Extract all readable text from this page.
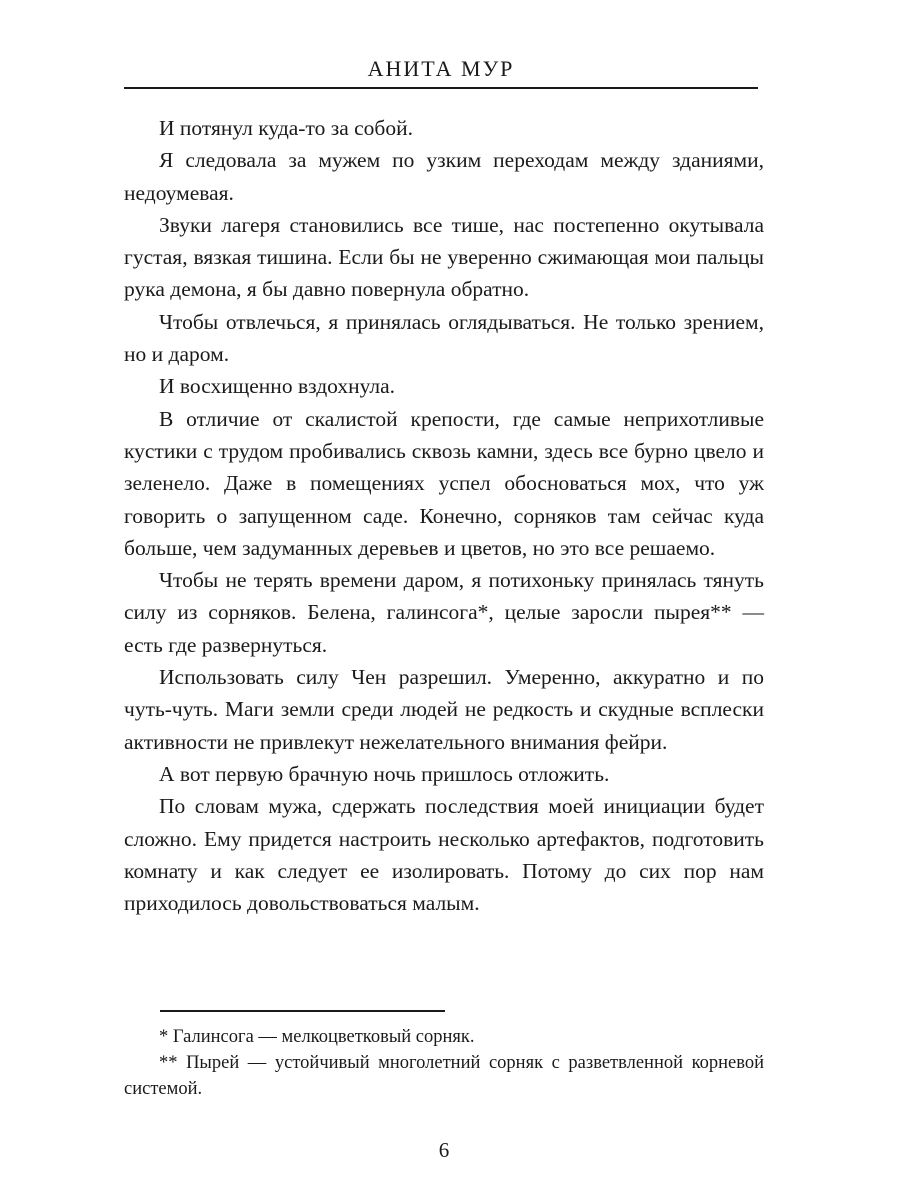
АНИТА МУР

И потянул куда-то за собой.

Я следовала за мужем по узким переходам между зданиями, недоумевая.

Звуки лагеря становились все тише, нас постепенно окутывала густая, вязкая тишина. Если бы не уверенно сжимающая мои пальцы рука демона, я бы давно повернула обратно.

Чтобы отвлечься, я принялась оглядываться. Не только зрением, но и даром.

И восхищенно вздохнула.

В отличие от скалистой крепости, где самые неприхотливые кустики с трудом пробивались сквозь камни, здесь все бурно цвело и зеленело. Даже в помещениях успел обосноваться мох, что уж говорить о запущенном саде. Конечно, сорняков там сейчас куда больше, чем задуманных деревьев и цветов, но это все решаемо.

Чтобы не терять времени даром, я потихоньку принялась тянуть силу из сорняков. Белена, галинсога*, целые заросли пырея** — есть где развернуться.

Использовать силу Чен разрешил. Умеренно, аккуратно и по чуть-чуть. Маги земли среди людей не редкость и скудные всплески активности не привлекут нежелательного внимания фейри.

А вот первую брачную ночь пришлось отложить.

По словам мужа, сдержать последствия моей инициации будет сложно. Ему придется настроить несколько артефактов, подготовить комнату и как следует ее изолировать. Потому до сих пор нам приходилось довольствоваться малым.

* Галинсога — мелкоцветковый сорняк.

** Пырей — устойчивый многолетний сорняк с разветвленной корневой системой.

6
